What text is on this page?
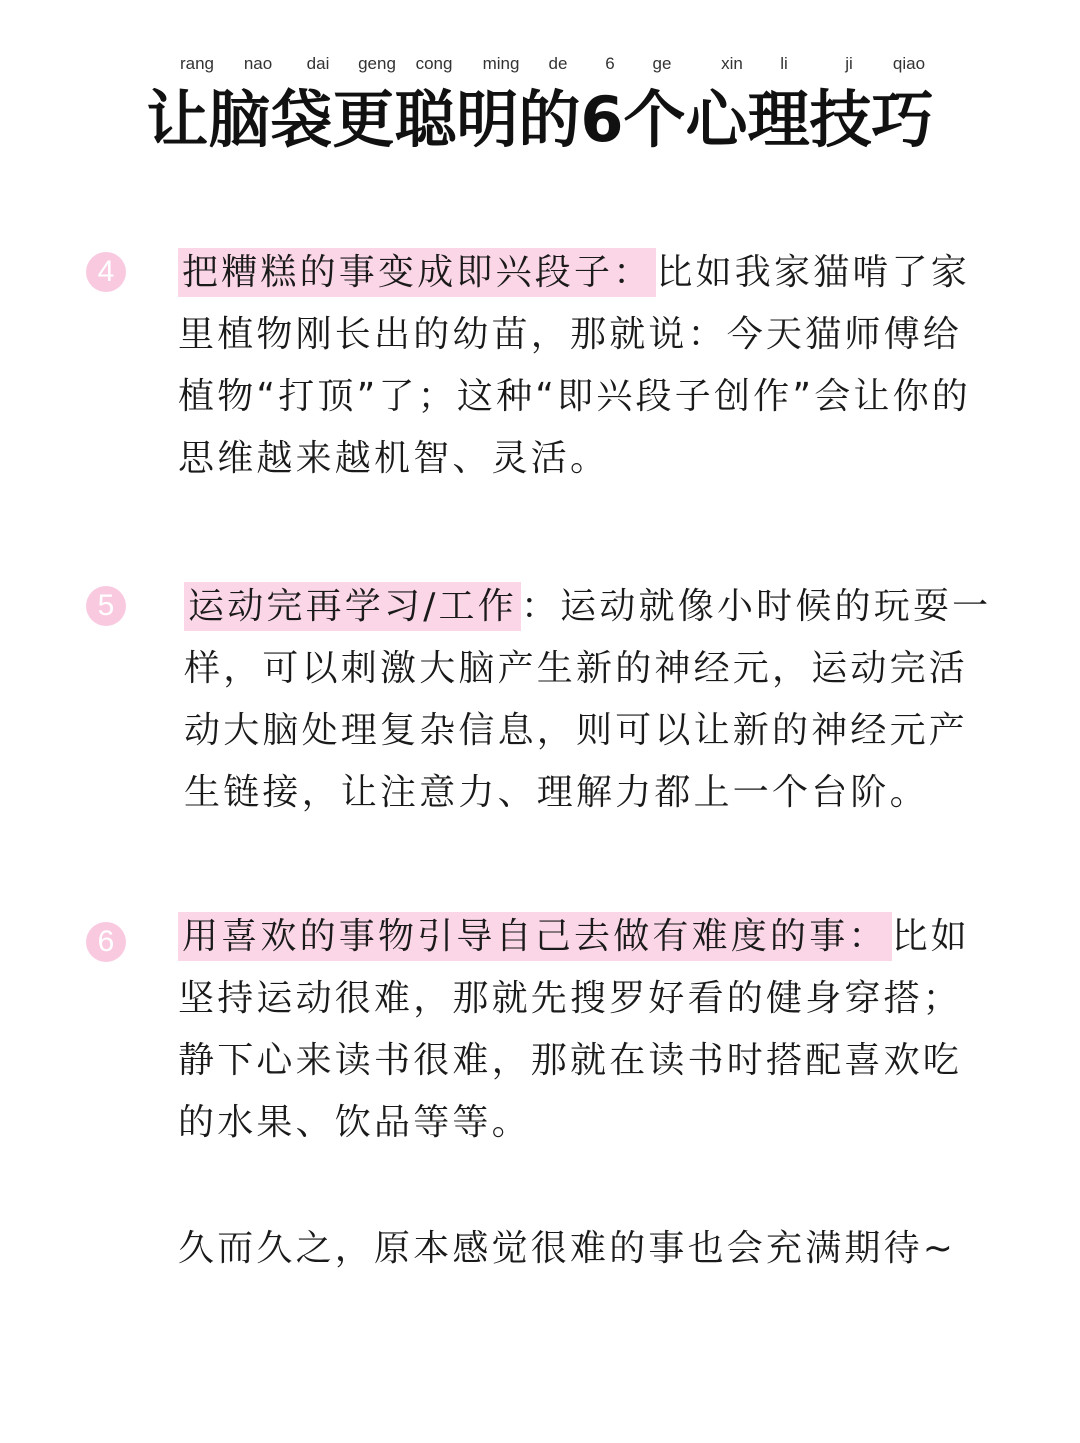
rang nao dai geng cong ming de 6 ge	xin li	ji qiao
让脑袋更聪明的6个心理技巧
4	把糟糕的事变成即兴段子： 比如我家猫啃了家里植物刚长出的幼苗，那就说：今天猫师傅给植物“打顶”了；这种“即兴段子创作”会让你的思维越来越机智、灵活。

5	运动完再学习/工作 ：运动就像小时候的玩耍一样，可以刺激大脑产生新的神经元，运动完活动大脑处理复杂信息，则可以让新的神经元产生链接，让注意力、理解力都上一个台阶。

6	用喜欢的事物引导自己去做有难度的事： 比如坚持运动很难，那就先搜罗好看的健身穿搭；静下心来读书很难，那就在读书时搭配喜欢吃的水果、饮品等等。

久而久之，原本感觉很难的事也会充满期待~
